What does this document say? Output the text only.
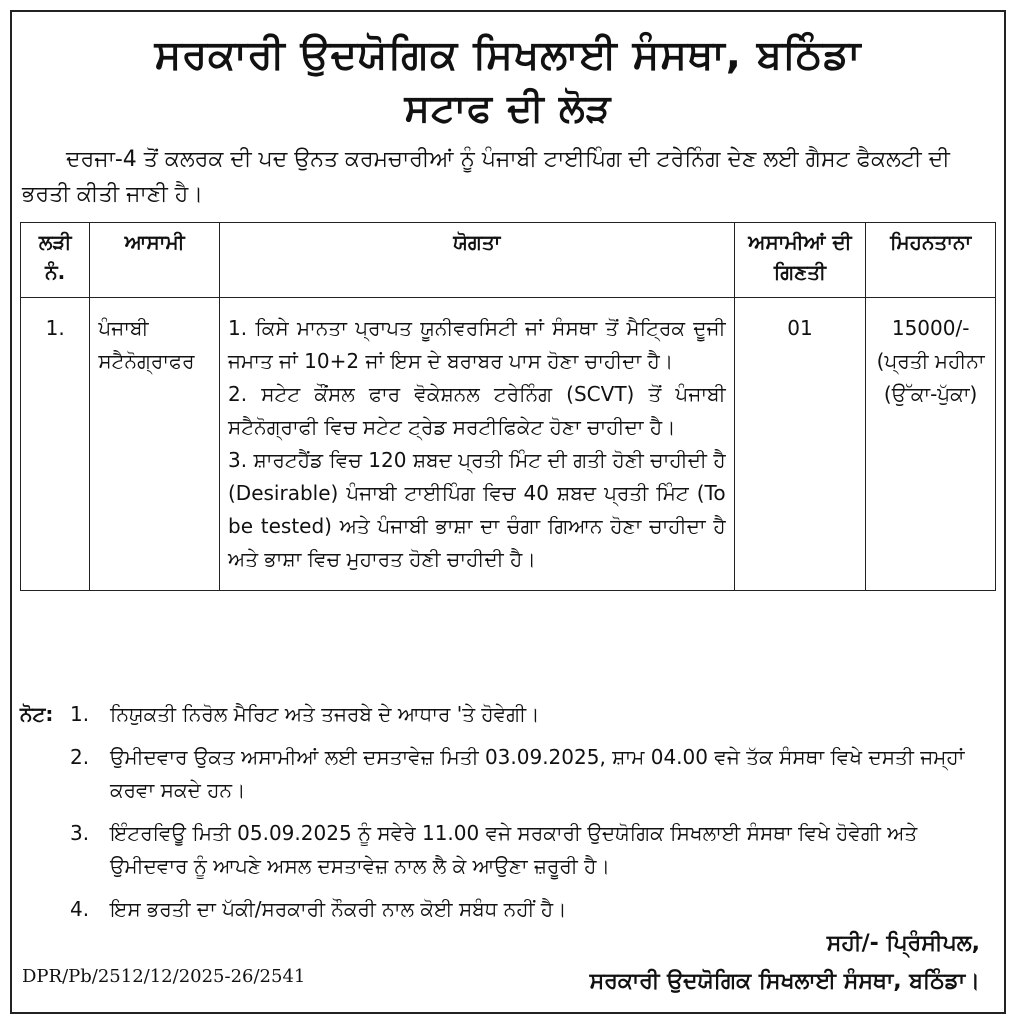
ਸਰਕਾਰੀ ਉਦਯੋਗਿਕ ਸਿਖਲਾਈ ਸੰਸਥਾ, ਬਠਿੰਡਾ
ਸਟਾਫ ਦੀ ਲੋੜ
ਦਰਜਾ-4 ਤੋਂ ਕਲਰਕ ਦੀ ਪਦ ਉਨਤ ਕਰਮਚਾਰੀਆਂ ਨੂੰ ਪੰਜਾਬੀ ਟਾਈਪਿੰਗ ਦੀ ਟਰੇਨਿੰਗ ਦੇਣ ਲਈ ਗੈਸਟ ਫੈਕਲਟੀ ਦੀ ਭਰਤੀ ਕੀਤੀ ਜਾਣੀ ਹੈ।
ਲੜੀ ਨੰ.	ਆਸਾਮੀ	ਯੋਗਤਾ	ਅਸਾਮੀਆਂ ਦੀ ਗਿਣਤੀ	ਮਿਹਨਤਾਨਾ
1.	ਪੰਜਾਬੀ ਸਟੈਨੋਗ੍ਰਾਫਰ	1. ਕਿਸੇ ਮਾਨਤਾ ਪ੍ਰਾਪਤ ਯੂਨੀਵਰਸਿਟੀ ਜਾਂ ਸੰਸਥਾ ਤੋਂ ਮੈਟ੍ਰਿਕ ਦੂਜੀ ਜਮਾਤ ਜਾਂ 10+2 ਜਾਂ ਇਸ ਦੇ ਬਰਾਬਰ ਪਾਸ ਹੋਣਾ ਚਾਹੀਦਾ ਹੈ।

2. ਸਟੇਟ ਕੌਂਸਲ ਫਾਰ ਵੋਕੇਸ਼ਨਲ ਟਰੇਨਿੰਗ (SCVT) ਤੋਂ ਪੰਜਾਬੀ ਸਟੈਨੋਗ੍ਰਾਫੀ ਵਿਚ ਸਟੇਟ ਟ੍ਰੇਡ ਸਰਟੀਫਿਕੇਟ ਹੋਣਾ ਚਾਹੀਦਾ ਹੈ।

3. ਸ਼ਾਰਟਹੈਂਡ ਵਿਚ 120 ਸ਼ਬਦ ਪ੍ਰਤੀ ਮਿੰਟ ਦੀ ਗਤੀ ਹੋਣੀ ਚਾਹੀਦੀ ਹੈ (Desirable) ਪੰਜਾਬੀ ਟਾਈਪਿੰਗ ਵਿਚ 40 ਸ਼ਬਦ ਪ੍ਰਤੀ ਮਿੰਟ (To be tested) ਅਤੇ ਪੰਜਾਬੀ ਭਾਸ਼ਾ ਦਾ ਚੰਗਾ ਗਿਆਨ ਹੋਣਾ ਚਾਹੀਦਾ ਹੈ ਅਤੇ ਭਾਸ਼ਾ ਵਿਚ ਮੁਹਾਰਤ ਹੋਣੀ ਚਾਹੀਦੀ ਹੈ।	01	15000/- (ਪ੍ਰਤੀ ਮਹੀਨਾ (ਉੱਕਾ-ਪੁੱਕਾ)
ਨੋਟ: 1.	ਨਿਯੁਕਤੀ ਨਿਰੋਲ ਮੈਰਿਟ ਅਤੇ ਤਜਰਬੇ ਦੇ ਆਧਾਰ 'ਤੇ ਹੋਵੇਗੀ।
2.	ਉਮੀਦਵਾਰ ਉਕਤ ਅਸਾਮੀਆਂ ਲਈ ਦਸਤਾਵੇਜ਼ ਮਿਤੀ 03.09.2025, ਸ਼ਾਮ 04.00 ਵਜੇ ਤੱਕ ਸੰਸਥਾ ਵਿਖੇ ਦਸਤੀ ਜਮ੍ਹਾਂ ਕਰਵਾ ਸਕਦੇ ਹਨ।
3.	ਇੰਟਰਵਿਊ ਮਿਤੀ 05.09.2025 ਨੂੰ ਸਵੇਰੇ 11.00 ਵਜੇ ਸਰਕਾਰੀ ਉਦਯੋਗਿਕ ਸਿਖਲਾਈ ਸੰਸਥਾ ਵਿਖੇ ਹੋਵੇਗੀ ਅਤੇ ਉਮੀਦਵਾਰ ਨੂੰ ਆਪਣੇ ਅਸਲ ਦਸਤਾਵੇਜ਼ ਨਾਲ ਲੈ ਕੇ ਆਉਣਾ ਜ਼ਰੂਰੀ ਹੈ।
4.	ਇਸ ਭਰਤੀ ਦਾ ਪੱਕੀ/ਸਰਕਾਰੀ ਨੌਕਰੀ ਨਾਲ ਕੋਈ ਸਬੰਧ ਨਹੀਂ ਹੈ।
ਸਹੀ/- ਪ੍ਰਿੰਸੀਪਲ,
ਸਰਕਾਰੀ ਉਦਯੋਗਿਕ ਸਿਖਲਾਈ ਸੰਸਥਾ, ਬਠਿੰਡਾ।
DPR/Pb/2512/12/2025-26/2541
